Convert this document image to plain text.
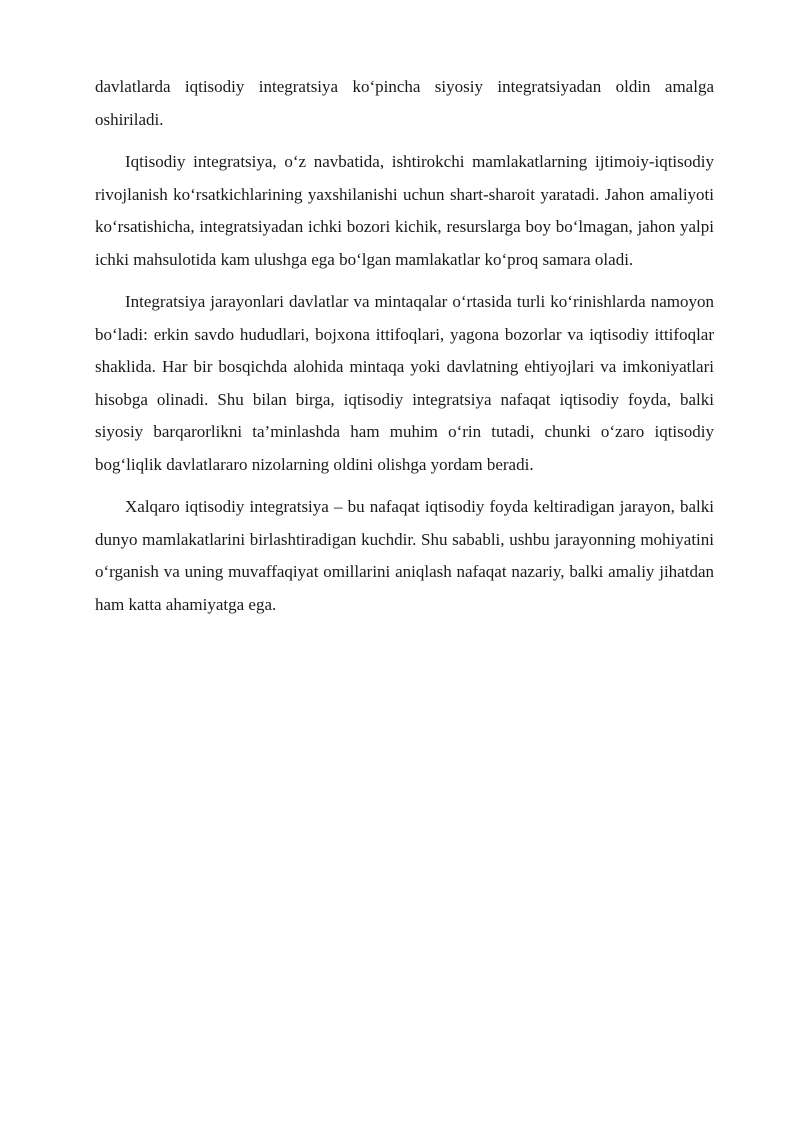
davlatlarda iqtisodiy integratsiya ko‘pincha siyosiy integratsiyadan oldin amalga oshiriladi.

Iqtisodiy integratsiya, o‘z navbatida, ishtirokchi mamlakatlarning ijtimoiy-iqtisodiy rivojlanish ko‘rsatkichlarining yaxshilanishi uchun shart-sharoit yaratadi. Jahon amaliyoti ko‘rsatishicha, integratsiyadan ichki bozori kichik, resurslarga boy bo‘lmagan, jahon yalpi ichki mahsulotida kam ulushga ega bo‘lgan mamlakatlar ko‘proq samara oladi.

Integratsiya jarayonlari davlatlar va mintaqalar o‘rtasida turli ko‘rinishlarda namoyon bo‘ladi: erkin savdo hududlari, bojxona ittifoqlari, yagona bozorlar va iqtisodiy ittifoqlar shaklida. Har bir bosqichda alohida mintaqa yoki davlatning ehtiyojlari va imkoniyatlari hisobga olinadi. Shu bilan birga, iqtisodiy integratsiya nafaqat iqtisodiy foyda, balki siyosiy barqarorlikni ta’minlashda ham muhim o‘rin tutadi, chunki o‘zaro iqtisodiy bog‘liqlik davlatlararo nizolarning oldini olishga yordam beradi.

Xalqaro iqtisodiy integratsiya – bu nafaqat iqtisodiy foyda keltiradigan jarayon, balki dunyo mamlakatlarini birlashtiradigan kuchdir. Shu sababli, ushbu jarayonning mohiyatini o‘rganish va uning muvaffaqiyat omillarini aniqlash nafaqat nazariy, balki amaliy jihatdan ham katta ahamiyatga ega.
